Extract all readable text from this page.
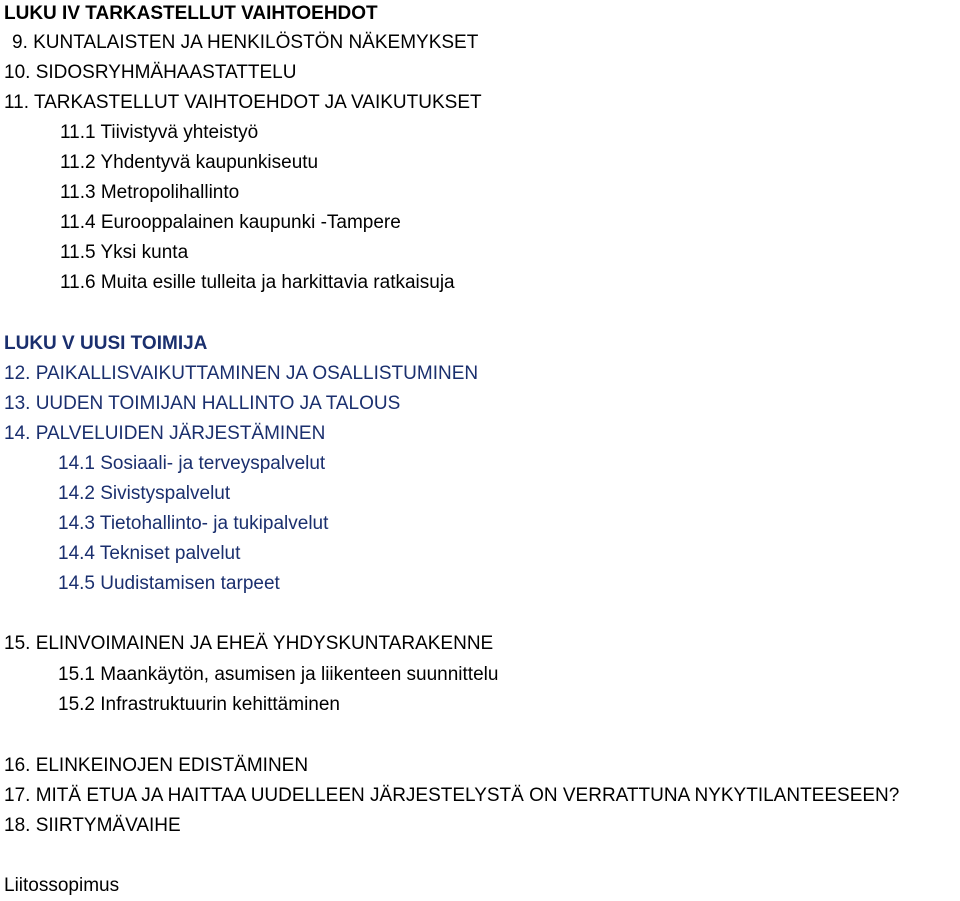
LUKU IV TARKASTELLUT VAIHTOEHDOT
9. KUNTALAISTEN JA HENKILÖSTÖN NÄKEMYKSET
10. SIDOSRYHMÄHAASTATTELU
11. TARKASTELLUT VAIHTOEHDOT JA VAIKUTUKSET
11.1 Tiivistyvä yhteistyö
11.2 Yhdentyvä kaupunkiseutu
11.3 Metropolihallinto
11.4 Eurooppalainen kaupunki -Tampere
11.5 Yksi kunta
11.6 Muita esille tulleita ja harkittavia ratkaisuja
LUKU V UUSI TOIMIJA
12. PAIKALLISVAIKUTTAMINEN JA OSALLISTUMINEN
13. UUDEN TOIMIJAN HALLINTO JA TALOUS
14. PALVELUIDEN JÄRJESTÄMINEN
14.1 Sosiaali- ja terveyspalvelut
14.2 Sivistyspalvelut
14.3 Tietohallinto- ja tukipalvelut
14.4 Tekniset palvelut
14.5 Uudistamisen tarpeet
15. ELINVOIMAINEN JA EHEÄ YHDYSKUNTARAKENNE
15.1 Maankäytön, asumisen ja liikenteen suunnittelu
15.2 Infrastruktuurin kehittäminen
16. ELINKEINOJEN EDISTÄMINEN
17. MITÄ ETUA JA HAITTAA UUDELLEEN JÄRJESTELYSTÄ ON VERRATTUNA NYKYTILANTEESEEN?
18. SIIRTYMÄVAIHE
Liitossopimus
